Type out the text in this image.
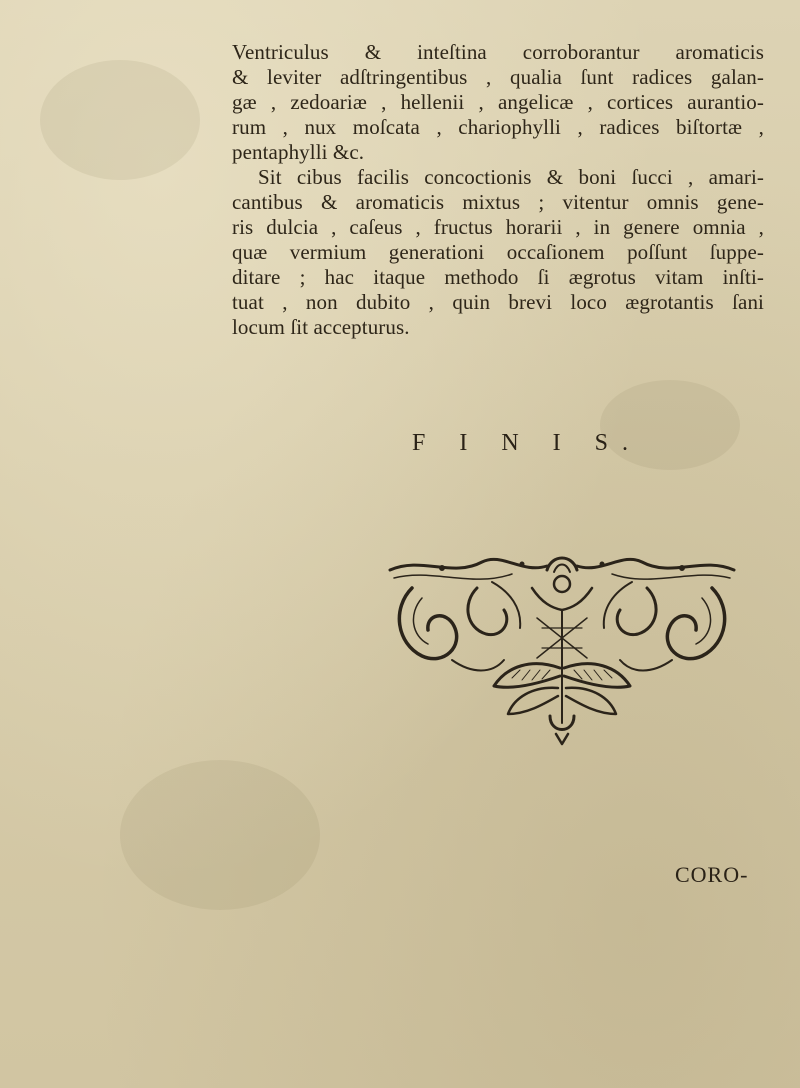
Ventriculus & inteſtina corroborantur aromaticis
& leviter adſtringentibus , qualia ſunt radices galan-
gæ , zedoariæ , hellenii , angelicæ , cortices aurantio-
rum , nux moſcata , chariophylli , radices biſtortæ ,
pentaphylli &c.
Sit cibus facilis concoctionis & boni ſucci , amari-
cantibus & aromaticis mixtus ; vitentur omnis gene-
ris dulcia , caſeus , fructus horarii , in genere omnia ,
quæ vermium generationi occaſionem poſſunt ſuppe-
ditare ; hac itaque methodo ſi ægrotus vitam inſti-
tuat , non dubito , quin brevi loco ægrotantis ſani
locum ſit accepturus.
F I N I S.
CORO-
